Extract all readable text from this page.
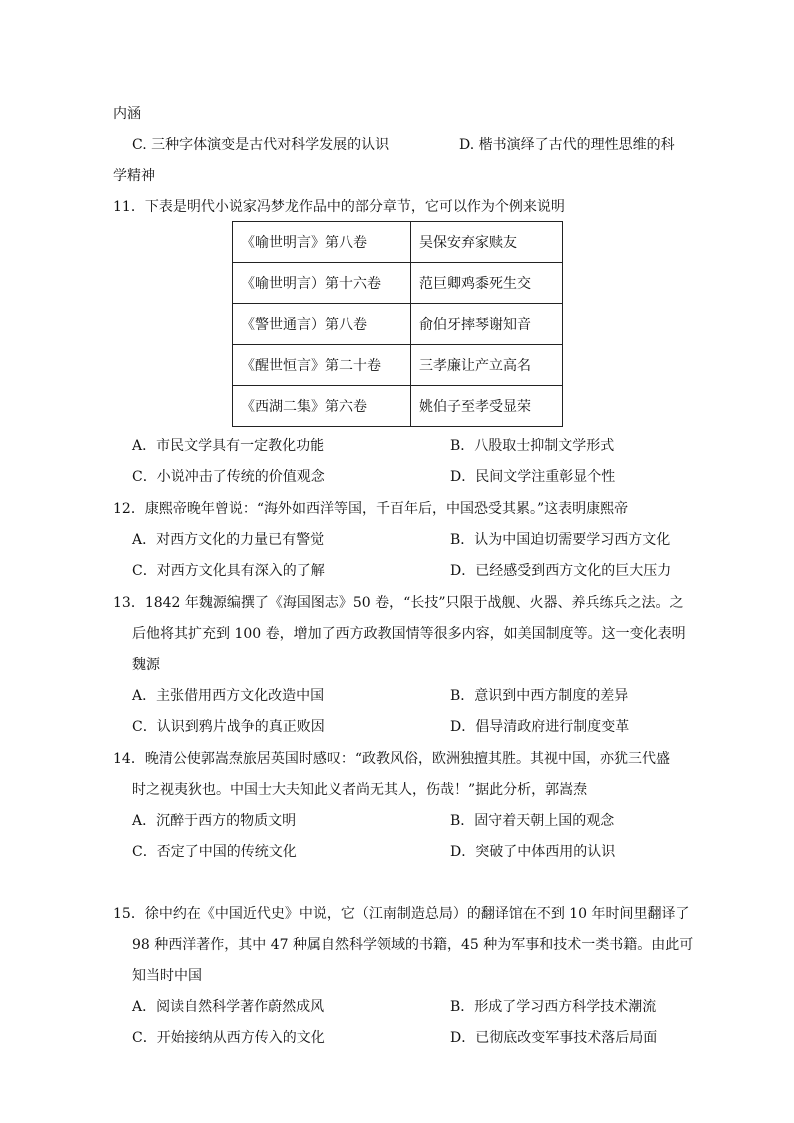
内涵
C. 三种字体演变是古代对科学发展的认识	D. 楷书演绎了古代的理性思维的科
学精神
11．下表是明代小说家冯梦龙作品中的部分章节，它可以作为个例来说明
《喻世明言》第八卷	吴保安弃家赎友
《喻世明言）第十六卷	范巨卿鸡黍死生交
《警世通言）第八卷	俞伯牙摔琴谢知音
《醒世恒言》第二十卷	三孝廉让产立高名
《西湖二集》第六卷	姚伯子至孝受显荣
A．市民文学具有一定教化功能	B．八股取士抑制文学形式
C．小说冲击了传统的价值观念	D．民间文学注重彰显个性
12．康熙帝晚年曾说：“海外如西洋等国，千百年后，中国恐受其累。”这表明康熙帝
A．对西方文化的力量已有警觉	B．认为中国迫切需要学习西方文化
C．对西方文化具有深入的了解	D．已经感受到西方文化的巨大压力
13．1842 年魏源编撰了《海国图志》50 卷，“长技”只限于战舰、火器、养兵练兵之法。之
后他将其扩充到 100 卷，增加了西方政教国情等很多内容，如美国制度等。这一变化表明
魏源
A．主张借用西方文化改造中国	B．意识到中西方制度的差异
C．认识到鸦片战争的真正败因	D．倡导清政府进行制度变革
14．晚清公使郭嵩焘旅居英国时感叹：“政教风俗，欧洲独擅其胜。其视中国，亦犹三代盛
时之视夷狄也。中国士大夫知此义者尚无其人，伤哉！”据此分析，郭嵩焘
A．沉醉于西方的物质文明	B．固守着天朝上国的观念
C．否定了中国的传统文化	D．突破了中体西用的认识
15．徐中约在《中国近代史》中说，它（江南制造总局）的翻译馆在不到 10 年时间里翻译了
98 种西洋著作，其中 47 种属自然科学领域的书籍，45 种为军事和技术一类书籍。由此可
知当时中国
A．阅读自然科学著作蔚然成风	B．形成了学习西方科学技术潮流
C．开始接纳从西方传入的文化	D．已彻底改变军事技术落后局面
